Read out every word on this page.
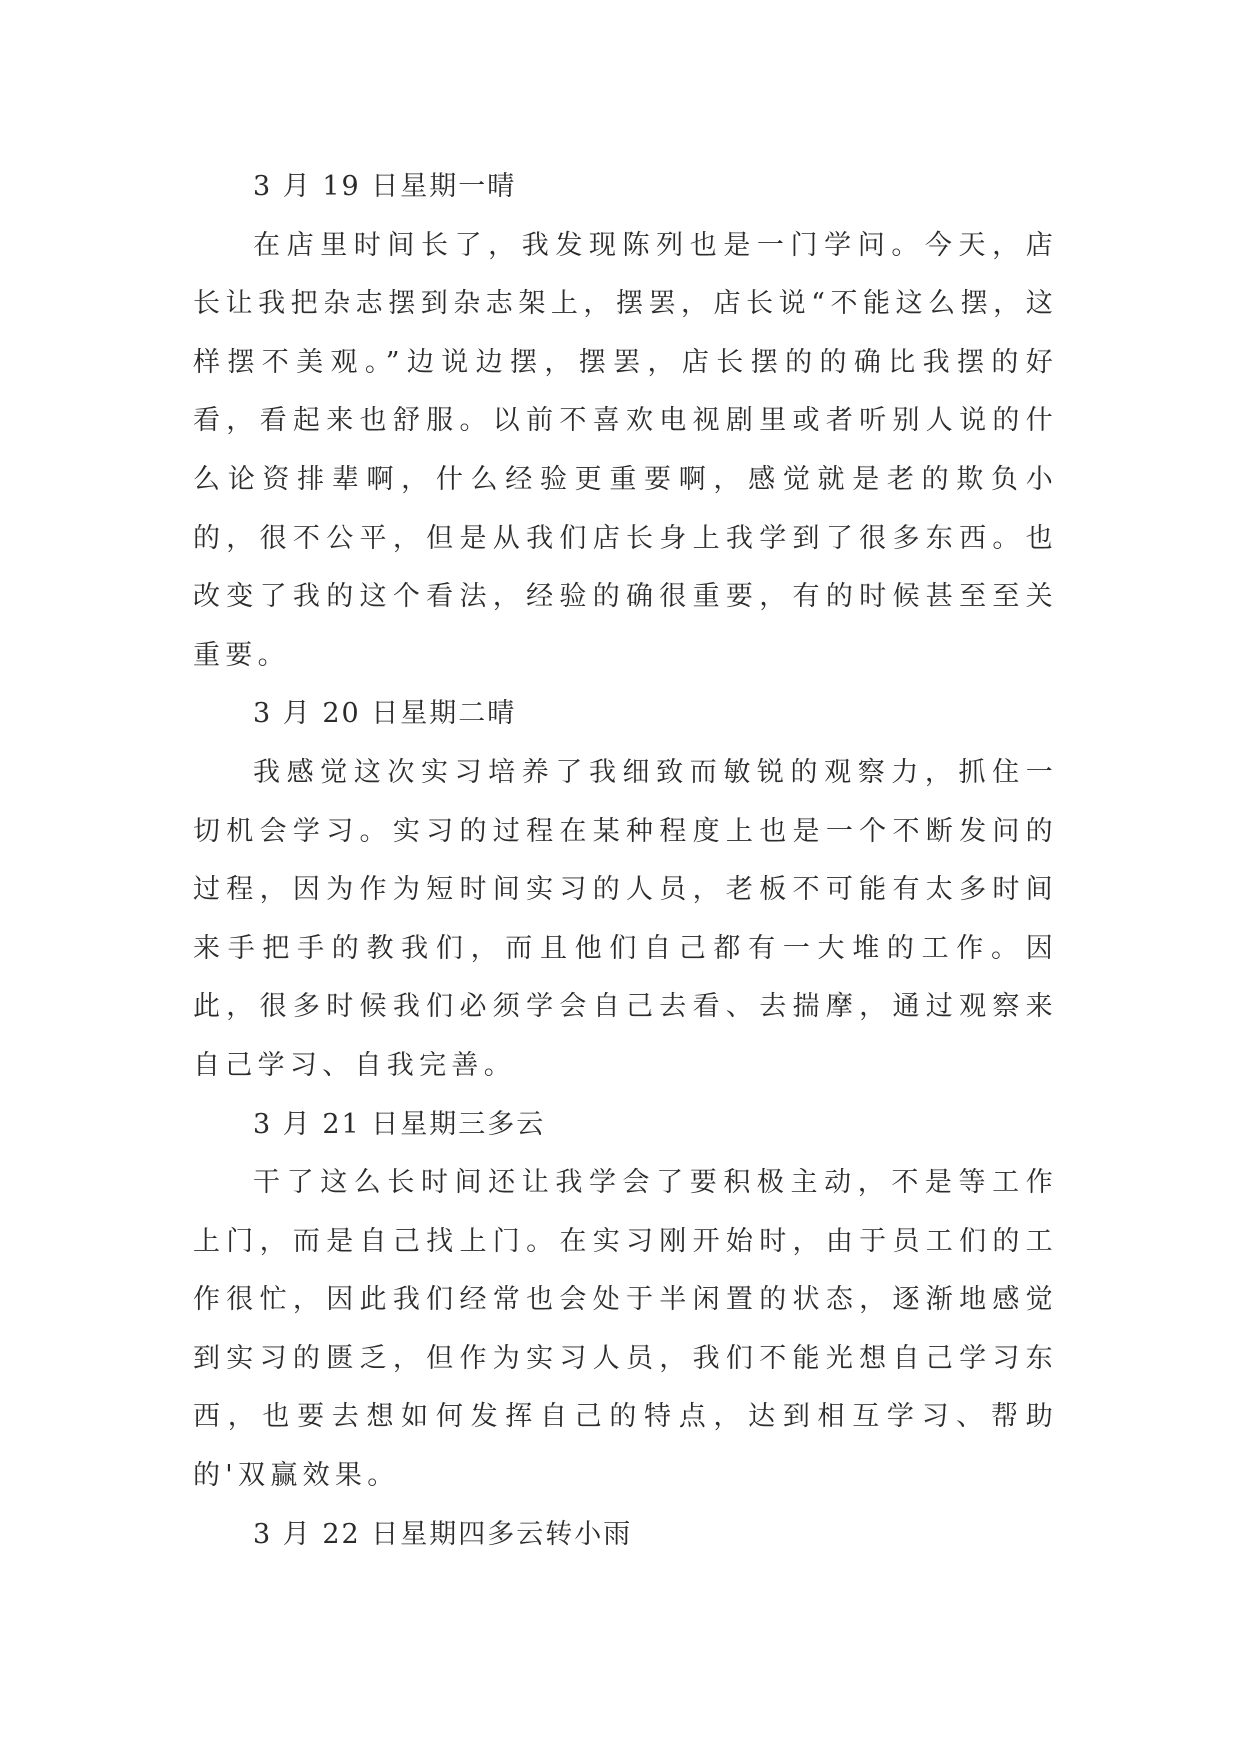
3 月 19 日星期一晴

在店里时间长了，我发现陈列也是一门学问。今天，店长让我把杂志摆到杂志架上，摆罢，店长说“不能这么摆，这样摆不美观。”边说边摆，摆罢，店长摆的的确比我摆的好看，看起来也舒服。以前不喜欢电视剧里或者听别人说的什么论资排辈啊，什么经验更重要啊，感觉就是老的欺负小的，很不公平，但是从我们店长身上我学到了很多东西。也改变了我的这个看法，经验的确很重要，有的时候甚至至关重要。

3 月 20 日星期二晴

我感觉这次实习培养了我细致而敏锐的观察力，抓住一切机会学习。实习的过程在某种程度上也是一个不断发问的过程，因为作为短时间实习的人员，老板不可能有太多时间来手把手的教我们，而且他们自己都有一大堆的工作。因此，很多时候我们必须学会自己去看、去揣摩，通过观察来自己学习、自我完善。

3 月 21 日星期三多云

干了这么长时间还让我学会了要积极主动，不是等工作上门，而是自己找上门。在实习刚开始时，由于员工们的工作很忙，因此我们经常也会处于半闲置的状态，逐渐地感觉到实习的匮乏，但作为实习人员，我们不能光想自己学习东西，也要去想如何发挥自己的特点，达到相互学习、帮助的'双赢效果。

3 月 22 日星期四多云转小雨
